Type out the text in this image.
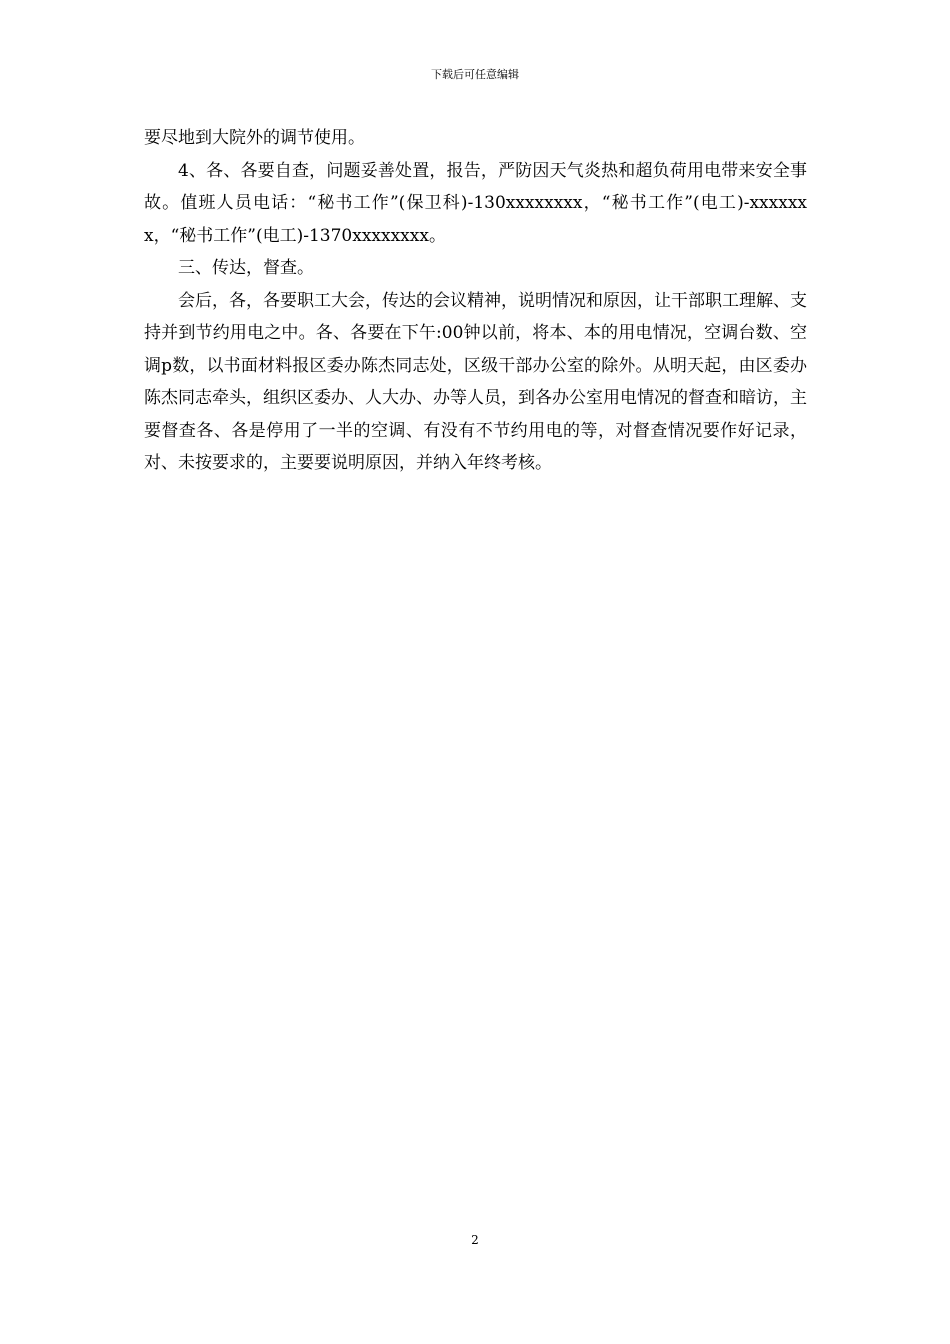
下载后可任意编辑

要尽地到大院外的调节使用。

4、各、各要自查，问题妥善处置，报告，严防因天气炎热和超负荷用电带来安全事故。值班人员电话：“秘书工作”(保卫科)-130xxxxxxxx，“秘书工作”(电工)-xxxxxxx，“秘书工作”(电工)-1370xxxxxxxx。

三、传达，督查。

会后，各，各要职工大会，传达的会议精神，说明情况和原因，让干部职工理解、支持并到节约用电之中。各、各要在下午:00钟以前，将本、本的用电情况，空调台数、空调p数，以书面材料报区委办陈杰同志处，区级干部办公室的除外。从明天起，由区委办陈杰同志牵头，组织区委办、人大办、办等人员，到各办公室用电情况的督查和暗访，主要督查各、各是停用了一半的空调、有没有不节约用电的等，对督查情况要作好记录，对、未按要求的，主要要说明原因，并纳入年终考核。

2
